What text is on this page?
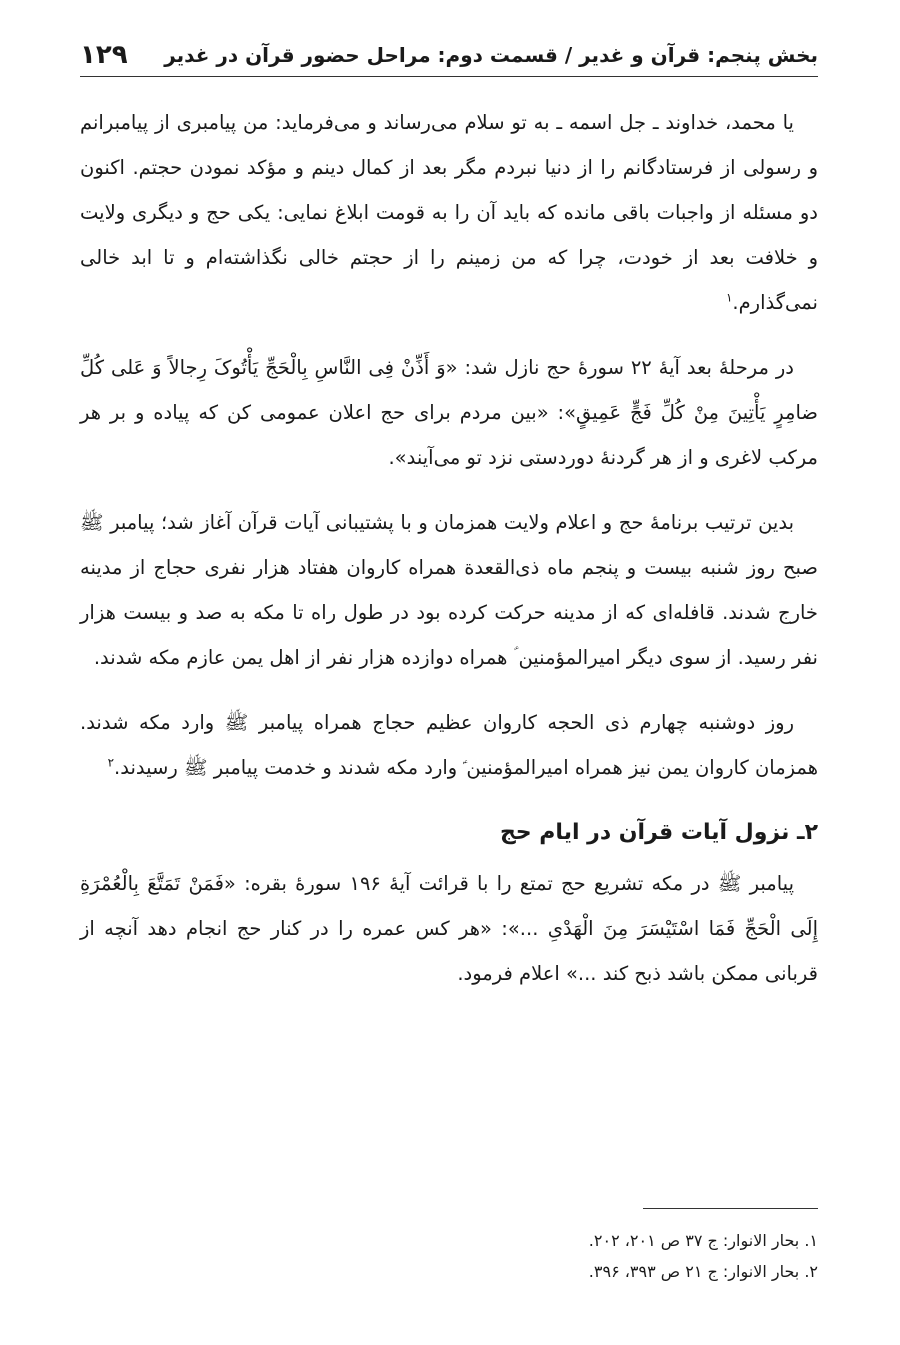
بخش پنجم: قرآن و غدیر / قسمت دوم: مراحل حضور قرآن در غدیر
۱۲۹

یا محمد، خداوند ـ جل اسمه ـ به تو سلام می‌رساند و می‌فرماید: من پیامبری از پیامبرانم و رسولی از فرستادگانم را از دنیا نبردم مگر بعد از کمال دینم و مؤکد نمودن حجتم. اکنون دو مسئله از واجبات باقی مانده که باید آن را به قومت ابلاغ نمایی: یکی حج و دیگری ولایت و خلافت بعد از خودت، چرا که من زمینم را از حجتم خالی نگذاشته‌ام و تا ابد خالی نمی‌گذارم.$^۱$

در مرحلهٔ بعد آیهٔ ۲۲ سورهٔ حج نازل شد: «وَ أَذِّنْ فِی النَّاسِ بِالْحَجِّ یَأْتُوکَ رِجالاً وَ عَلی کُلِّ ضامِرٍ یَأْتِینَ مِنْ کُلِّ فَجٍّ عَمِیقٍ»: «بین مردم برای حج اعلان عمومی کن که پیاده و بر هر مرکب لاغری و از هر گردنهٔ دوردستی نزد تو می‌آیند».

بدین ترتیب برنامهٔ حج و اعلام ولایت همزمان و با پشتیبانی آیات قرآن آغاز شد؛ پیامبر ﷺ صبح روز شنبه بیست و پنجم ماه ذی‌القعدة همراه کاروان هفتاد هزار نفری حجاج از مدینه خارج شدند. قافله‌ای که از مدینه حرکت کرده بود در طول راه تا مکه به صد و بیست هزار نفر رسید. از سوی دیگر امیرالمؤمنین ؑ همراه دوازده هزار نفر از اهل یمن عازم مکه شدند.

روز دوشنبه چهارم ذی الحجه کاروان عظیم حجاج همراه پیامبر ﷺ وارد مکه شدند. همزمان کاروان یمن نیز همراه امیرالمؤمنین ؑ وارد مکه شدند و خدمت پیامبر ﷺ رسیدند.$^۲$

۲ـ نزول آیات قرآن در ایام حج

پیامبر ﷺ در مکه تشریع حج تمتع را با قرائت آیهٔ ۱۹۶ سورهٔ بقره: «فَمَنْ تَمَتَّعَ بِالْعُمْرَةِ إِلَی الْحَجِّ فَمَا اسْتَیْسَرَ مِنَ الْهَدْیِ ...»: «هر کس عمره را در کنار حج انجام دهد آنچه از قربانی ممکن باشد ذبح کند ...» اعلام فرمود.

۱. بحار الانوار: ج ۳۷ ص ۲۰۱، ۲۰۲.

۲. بحار الانوار: ج ۲۱ ص ۳۹۳، ۳۹۶.
